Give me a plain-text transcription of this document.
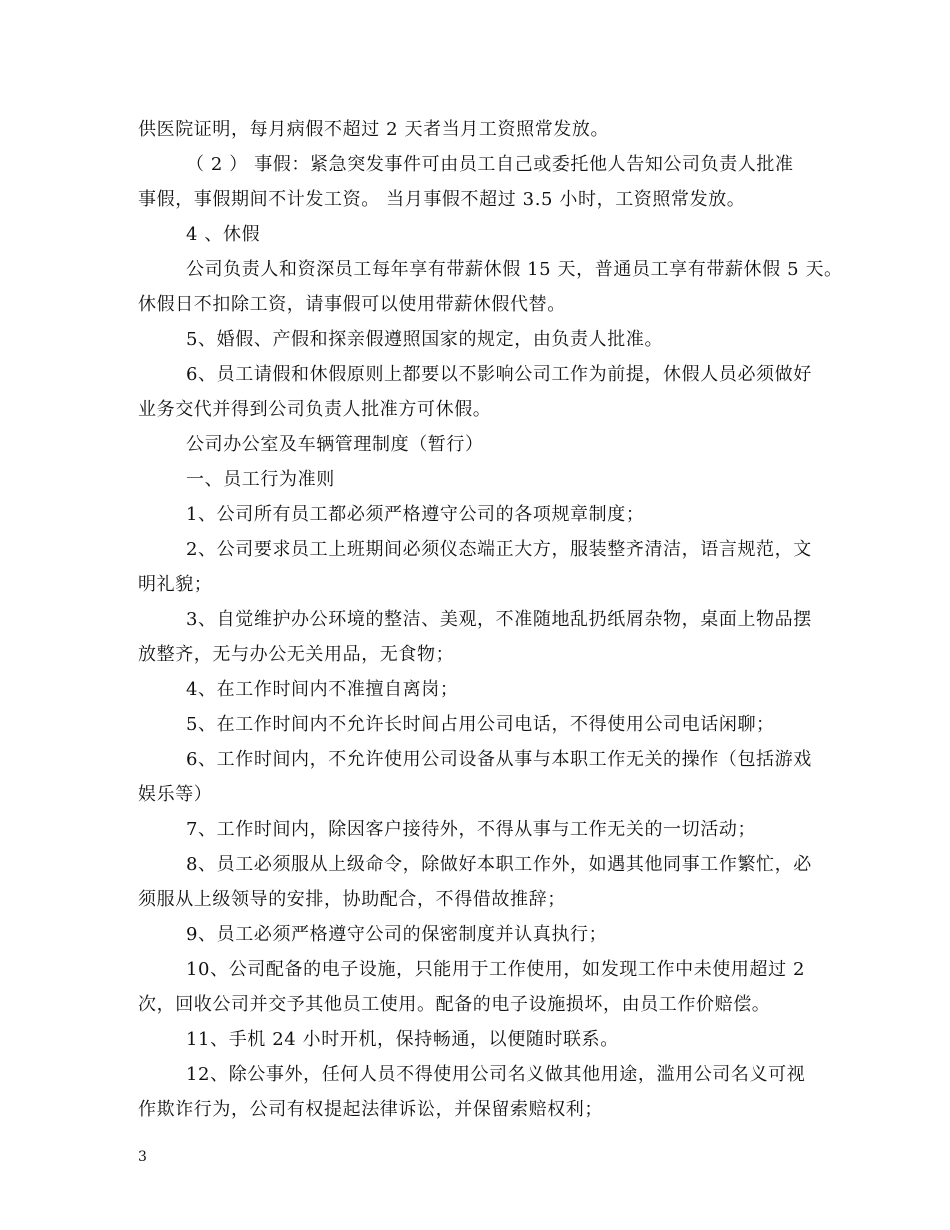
供医院证明，每月病假不超过 2 天者当月工资照常发放。
（ 2 ） 事假：紧急突发事件可由员工自己或委托他人告知公司负责人批准
事假，事假期间不计发工资。 当月事假不超过 3.5 小时，工资照常发放。
4 、休假
公司负责人和资深员工每年享有带薪休假 15 天，普通员工享有带薪休假 5 天。
休假日不扣除工资，请事假可以使用带薪休假代替。
5、婚假、产假和探亲假遵照国家的规定，由负责人批准。
6、员工请假和休假原则上都要以不影响公司工作为前提，休假人员必须做好
业务交代并得到公司负责人批准方可休假。
公司办公室及车辆管理制度（暂行）
一、员工行为准则
1、公司所有员工都必须严格遵守公司的各项规章制度；
2、公司要求员工上班期间必须仪态端正大方，服装整齐清洁，语言规范，文
明礼貌；
3、自觉维护办公环境的整洁、美观，不准随地乱扔纸屑杂物，桌面上物品摆
放整齐，无与办公无关用品，无食物；
4、在工作时间内不准擅自离岗；
5、在工作时间内不允许长时间占用公司电话，不得使用公司电话闲聊；
6、工作时间内，不允许使用公司设备从事与本职工作无关的操作（包括游戏
娱乐等）
7、工作时间内，除因客户接待外，不得从事与工作无关的一切活动；
8、员工必须服从上级命令，除做好本职工作外，如遇其他同事工作繁忙，必
须服从上级领导的安排，协助配合，不得借故推辞；
9、员工必须严格遵守公司的保密制度并认真执行；
10、公司配备的电子设施，只能用于工作使用，如发现工作中未使用超过 2
次，回收公司并交予其他员工使用。配备的电子设施损坏，由员工作价赔偿。
11、手机 24 小时开机，保持畅通，以便随时联系。
12、除公事外，任何人员不得使用公司名义做其他用途，滥用公司名义可视
作欺诈行为，公司有权提起法律诉讼，并保留索赔权利；
3
